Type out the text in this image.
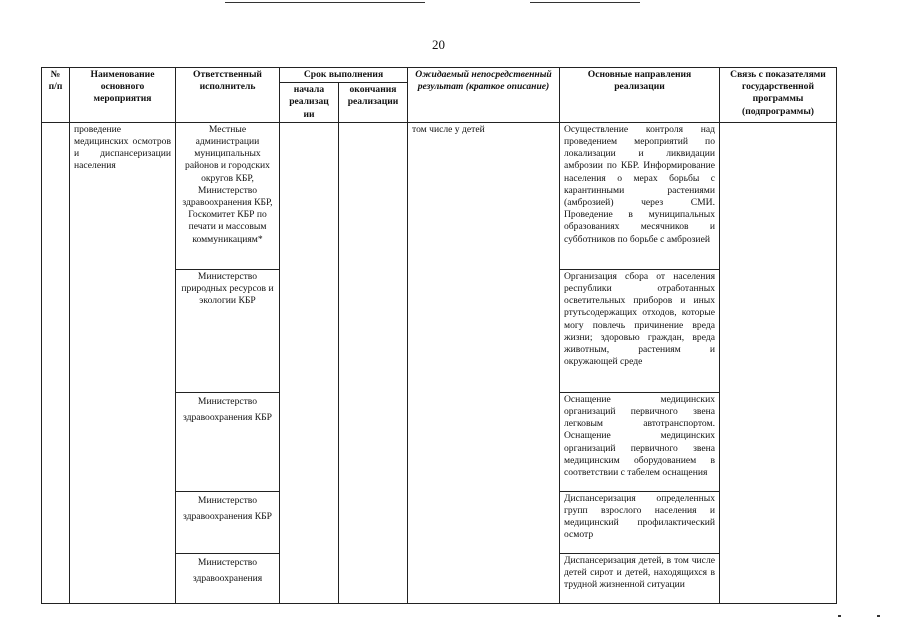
20
№ п/п	Наименование основного мероприятия	Ответственный исполнитель	Срок выполнения		Ожидаемый непосредственный результат (краткое описание)	Основные направления реализации	Связь с показателями государственной программы (подпрограммы)
			начала реализац ии	окончания реализации			
	проведение медицинских осмотров и диспансеризации населения	Местные администрации муниципальных районов и городских округов КБР, Министерство здравоохранения КБР, Госкомитет КБР по печати и массовым коммуникациям*			том числе у детей	Осуществление контроля над проведением мероприятий по локализации и ликвидации амброзии по КБР. Информирование населения о мерах борьбы с карантинными растениями (амброзией) через СМИ. Проведение в муниципальных образованиях месячников и субботников по борьбе с амброзией	
		Министерство природных ресурсов и экологии КБР				Организация сбора от населения республики отработанных осветительных приборов и иных ртутьсодержащих отходов, которые могу повлечь причинение вреда жизни; здоровью граждан, вреда животным, растениям и окружающей среде	
		Министерство здравоохранения КБР				Оснащение медицинских организаций первичного звена легковым автотранспортом. Оснащение медицинских организаций первичного звена медицинским оборудованием в соответствии с табелем оснащения	
		Министерство здравоохранения КБР				Диспансеризация определенных групп взрослого населения и медицинский профилактический осмотр	
		Министерство здравоохранения				Диспансеризация детей, в том числе детей сирот и детей, находящихся в трудной жизненной ситуации	
